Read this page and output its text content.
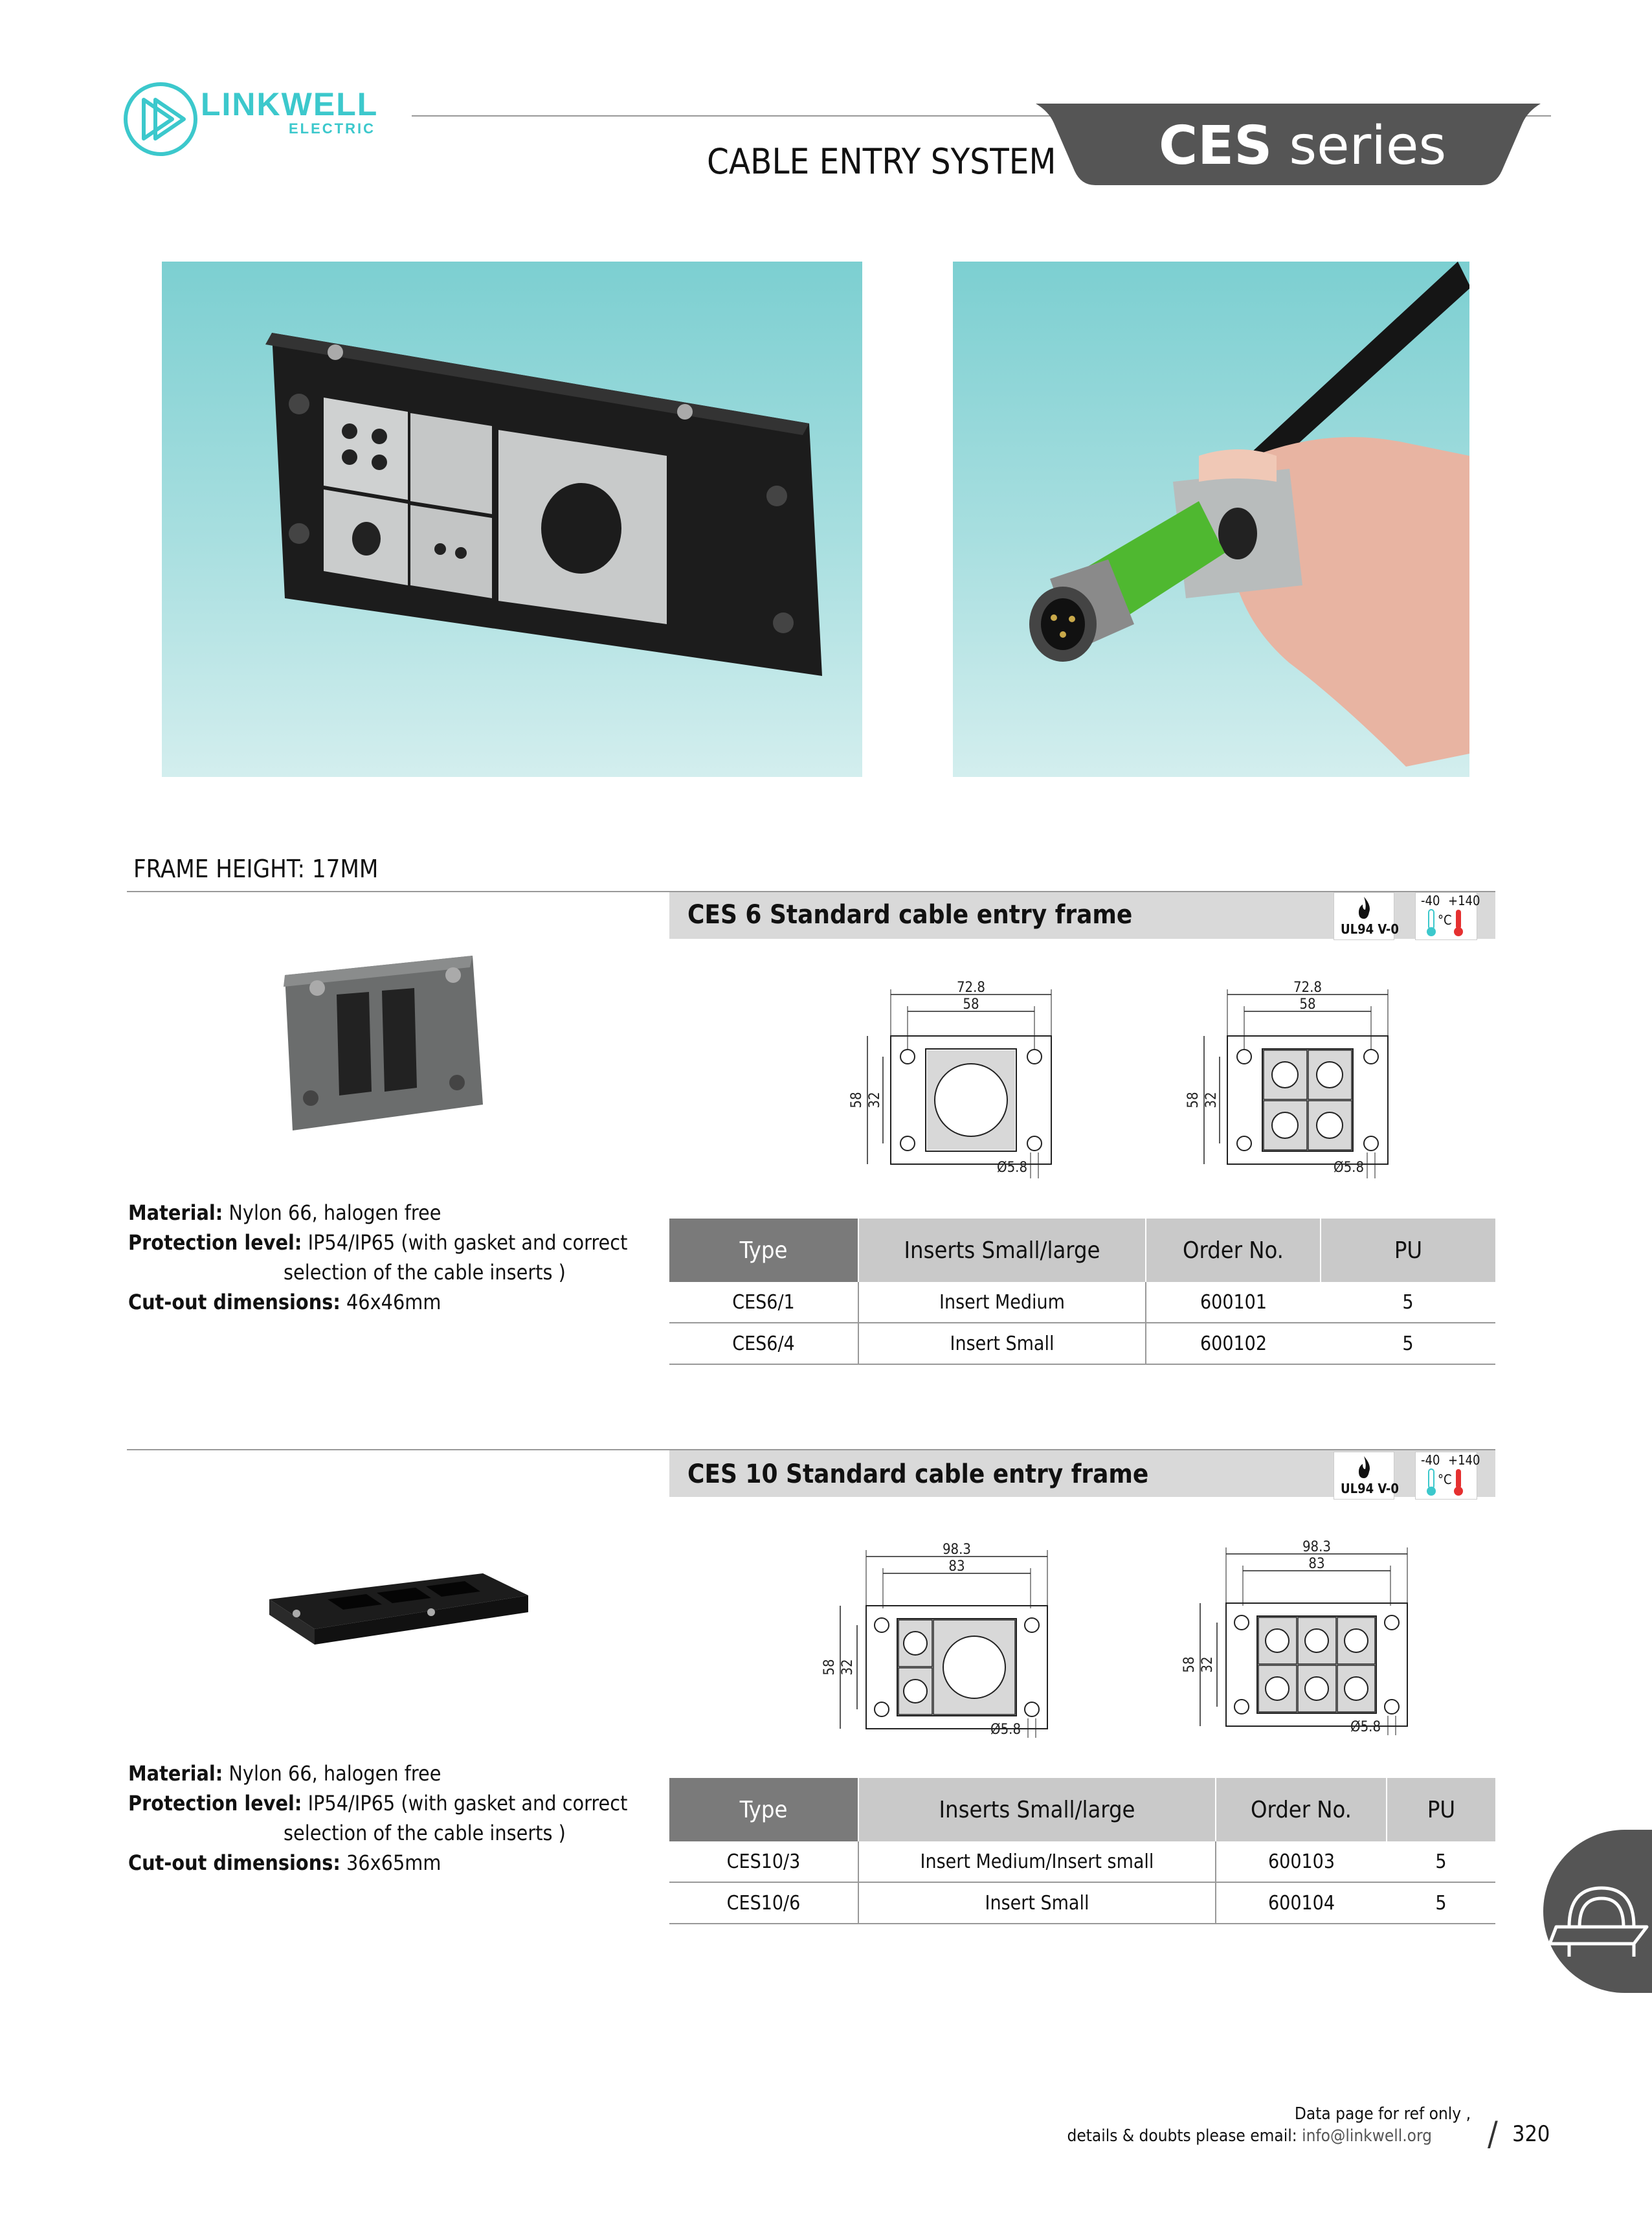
LINKWELL
ELECTRIC	CES series
CABLE ENTRY SYSTEM
FRAME HEIGHT: 17MM
CES 6 Standard cable entry frame	UL94 V-0
-40 +140
°C
72.8
58
58 32
Ø5.8
72.8
58
58 32
Ø5.8
Material: Nylon 66, halogen free
Protection level: IP54/IP65 (with gasket and correct
selection of the cable inserts )
Cut-out dimensions: 46x46mm
Type	Inserts Small/large	Order No.	PU
CES6/1	Insert Medium	600101	5
CES6/4	Insert Small	600102	5
CES 10 Standard cable entry frame	UL94 V-0
-40 +140
°C
98.3
83
58 32
Ø5.8
98.3
83
58 32
Ø5.8
Material: Nylon 66, halogen free
Protection level: IP54/IP65 (with gasket and correct
selection of the cable inserts )
Cut-out dimensions: 36x65mm
Type	Inserts Small/large	Order No.	PU
CES10/3	Insert Medium/Insert small	600103	5
CES10/6	Insert Small	600104	5
Data page for ref only ,
details & doubts please email: info@linkwell.org / 320
